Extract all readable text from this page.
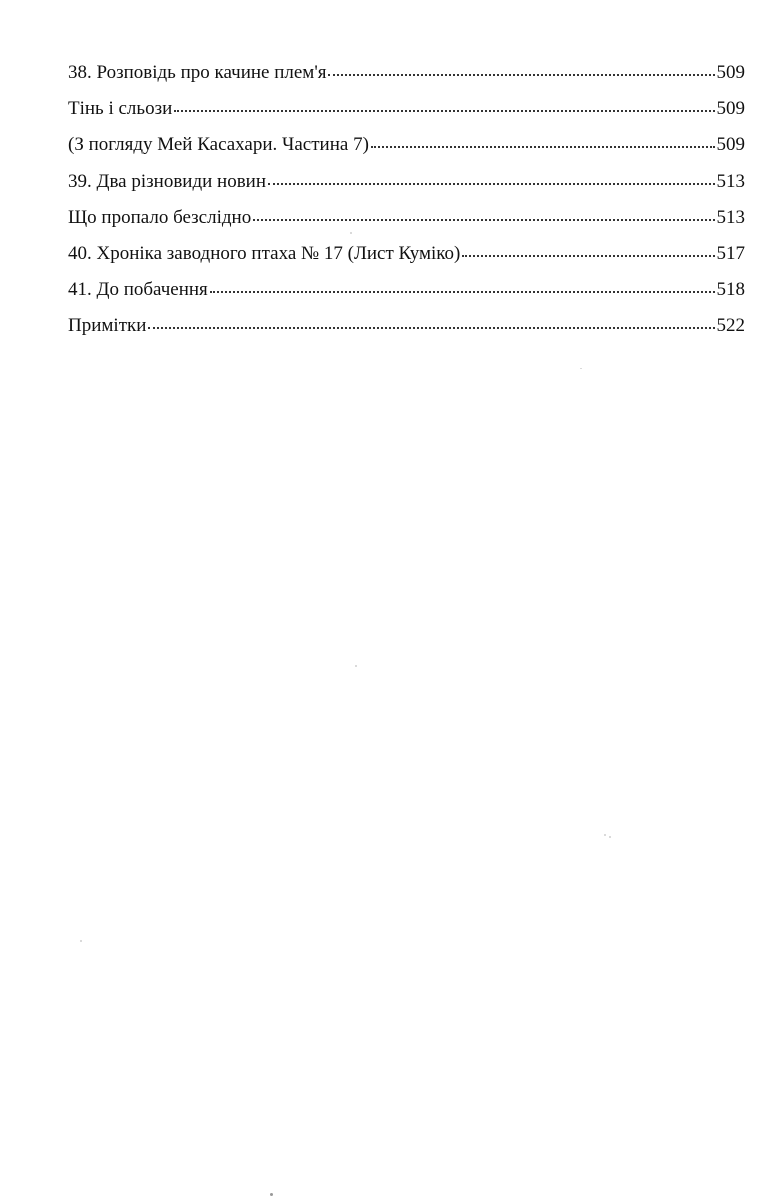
38. Розповідь про качине плем'я	509
Тінь і сльози	509
(З погляду Мей Касахари. Частина 7)	509
39. Два різновиди новин	513
Що пропало безслідно	513
40. Хроніка заводного птаха № 17 (Лист Куміко)	517
41. До побачення	518
Примітки	522
